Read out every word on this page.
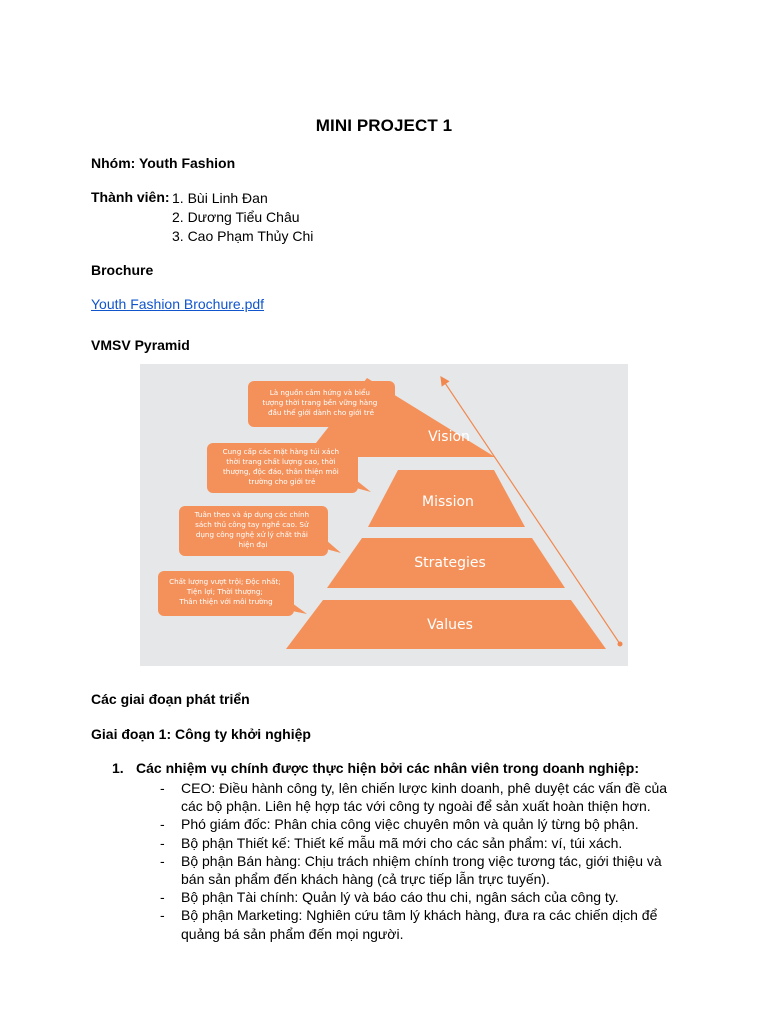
MINI PROJECT 1
Nhóm: Youth Fashion
Thành viên: 1. Bùi Linh Đan
2. Dương Tiểu Châu
3. Cao Phạm Thủy Chi
Brochure
Youth Fashion Brochure.pdf
VMSV Pyramid
Vision
Mission
Strategies
Values
Là nguồn cảm hứng và biểu tượng thời trang bền vững hàng đầu thế giới dành cho giới trẻ
Cung cấp các mặt hàng túi xách thời trang chất lượng cao, thời thượng, độc đáo, thân thiện môi trường cho giới trẻ
Tuân theo và áp dụng các chính sách thủ công tay nghề cao. Sử dụng công nghệ xử lý chất thải hiện đại
Chất lượng vượt trội; Độc nhất; Tiện lợi; Thời thượng; Thân thiện với môi trường
Các giai đoạn phát triển
Giai đoạn 1: Công ty khởi nghiệp
1. Các nhiệm vụ chính được thực hiện bởi các nhân viên trong doanh nghiệp:
- CEO: Điều hành công ty, lên chiến lược kinh doanh, phê duyệt các vấn đề của các bộ phận. Liên hệ hợp tác với công ty ngoài để sản xuất hoàn thiện hơn.
- Phó giám đốc: Phân chia công việc chuyên môn và quản lý từng bộ phận.
- Bộ phận Thiết kế: Thiết kế mẫu mã mới cho các sản phẩm: ví, túi xách.
- Bộ phận Bán hàng: Chịu trách nhiệm chính trong việc tương tác, giới thiệu và bán sản phẩm đến khách hàng (cả trực tiếp lẫn trực tuyến).
- Bộ phận Tài chính: Quản lý và báo cáo thu chi, ngân sách của công ty.
- Bộ phận Marketing: Nghiên cứu tâm lý khách hàng, đưa ra các chiến dịch để quảng bá sản phẩm đến mọi người.
